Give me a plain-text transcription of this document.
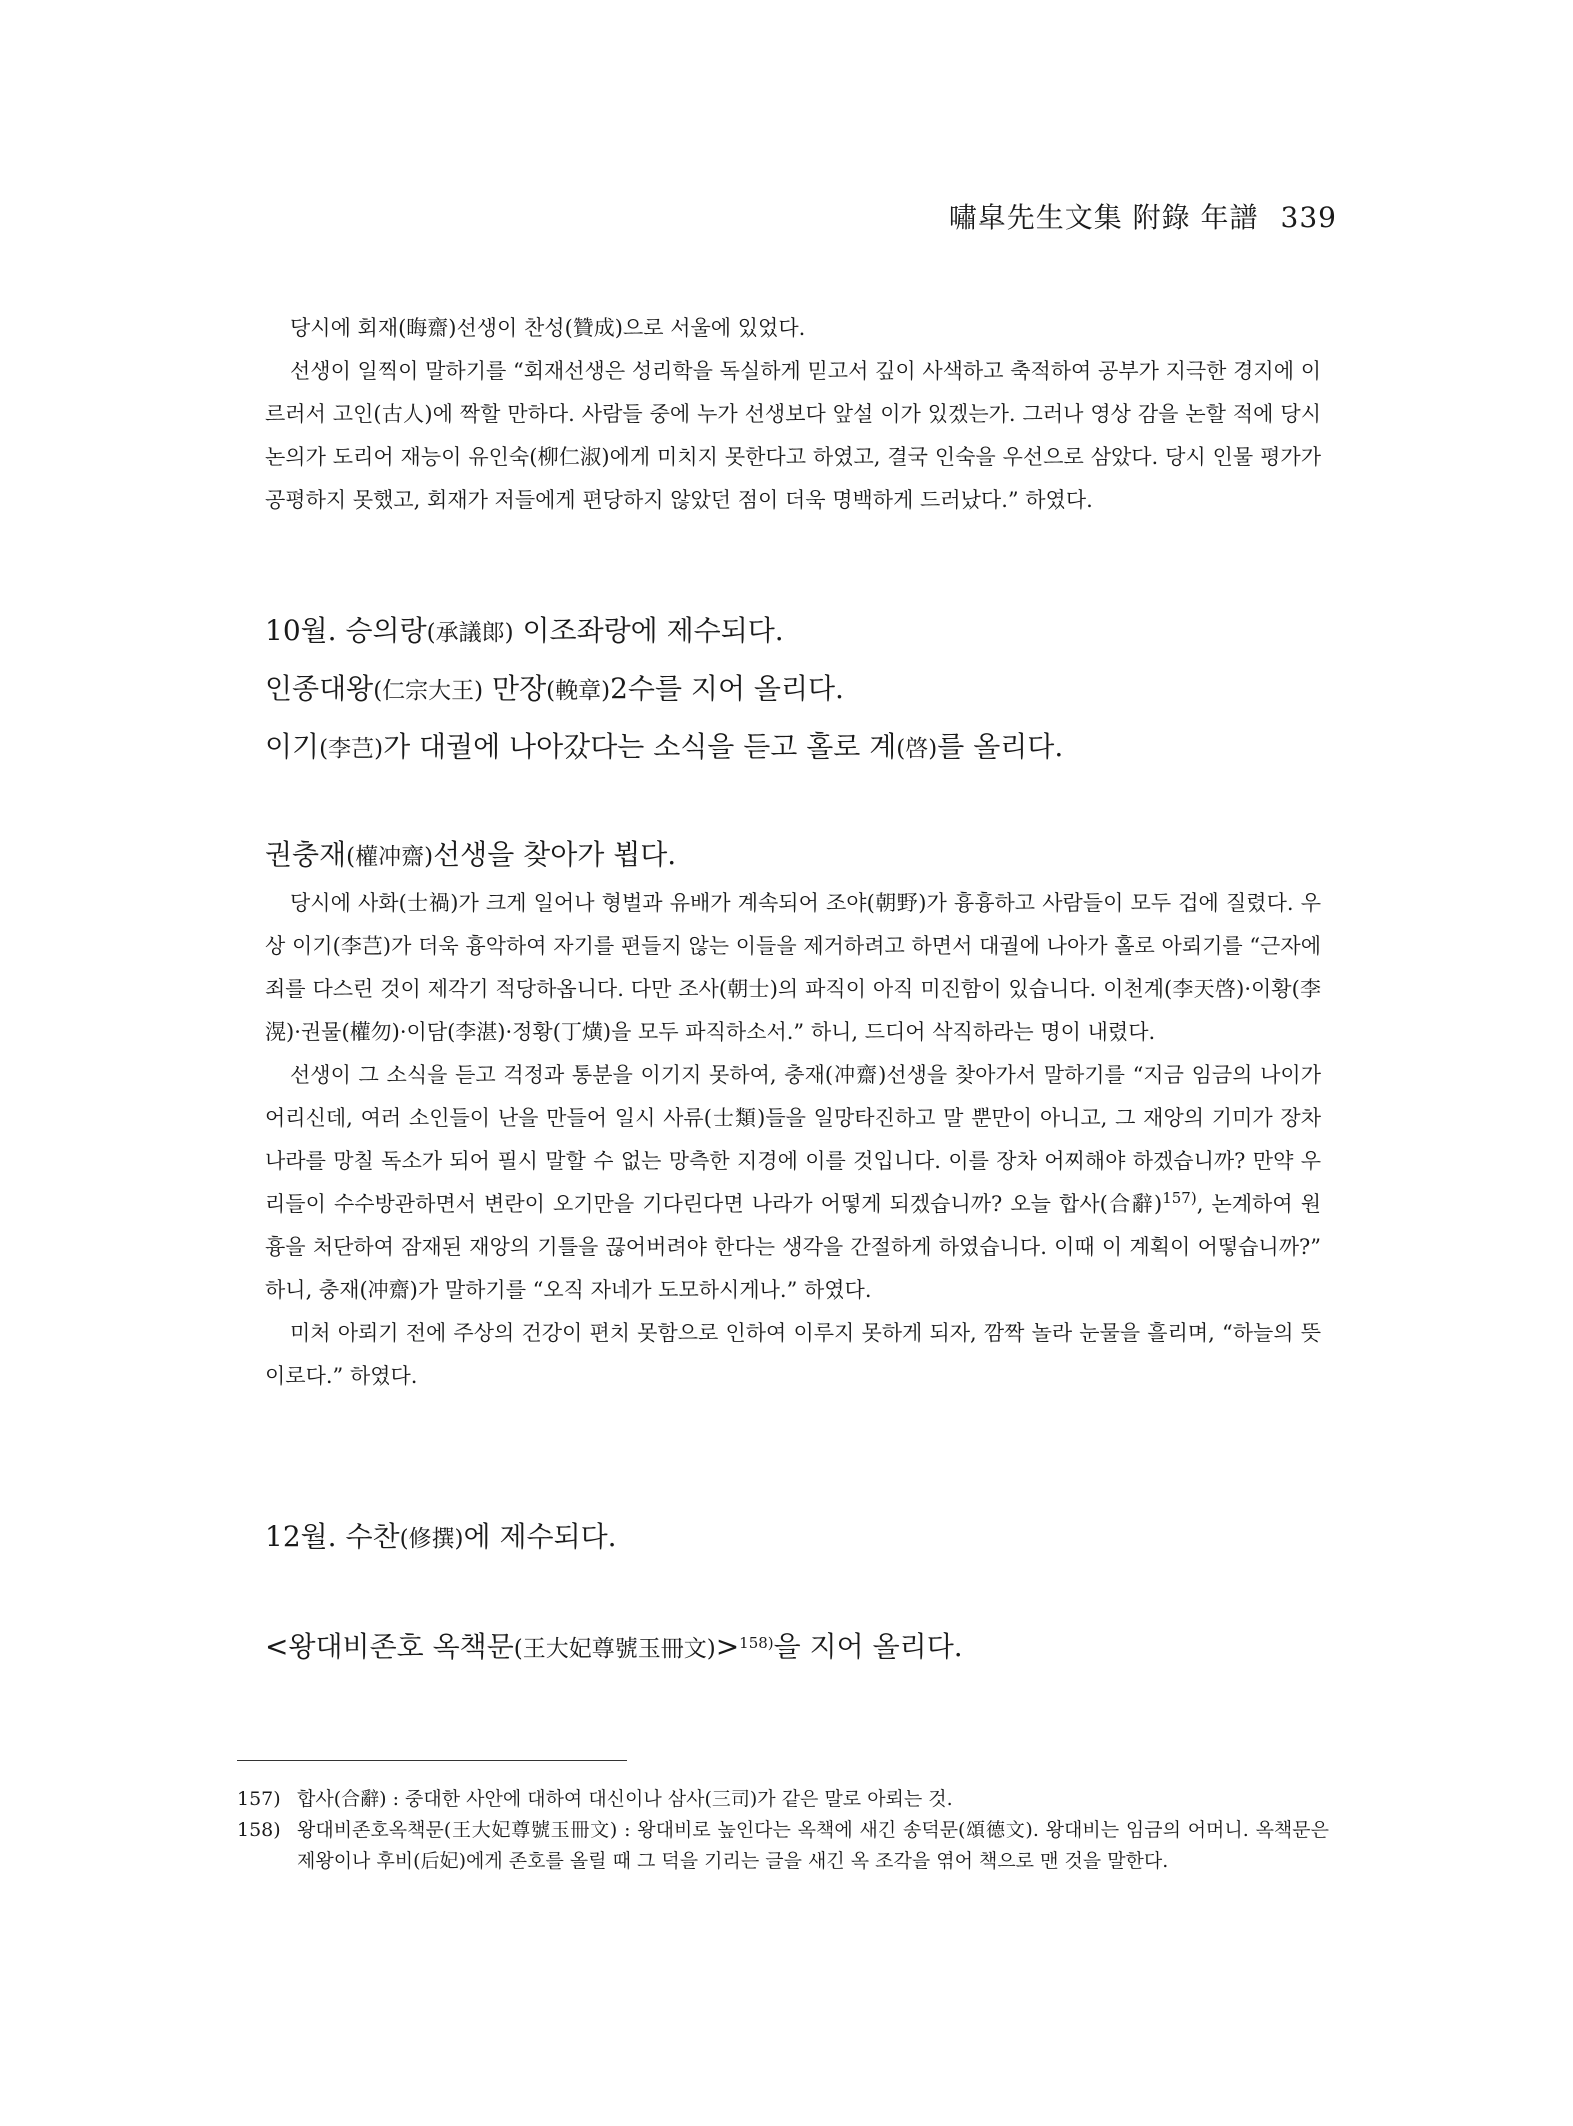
嘯皐先生文集 附錄 年譜 339

당시에 회재(晦齋)선생이 찬성(贊成)으로 서울에 있었다.

선생이 일찍이 말하기를 “회재선생은 성리학을 독실하게 믿고서 깊이 사색하고 축적하여 공부가 지극한 경지에 이르러서 고인(古人)에 짝할 만하다. 사람들 중에 누가 선생보다 앞설 이가 있겠는가. 그러나 영상 감을 논할 적에 당시 논의가 도리어 재능이 유인숙(柳仁淑)에게 미치지 못한다고 하였고, 결국 인숙을 우선으로 삼았다. 당시 인물 평가가 공평하지 못했고, 회재가 저들에게 편당하지 않았던 점이 더욱 명백하게 드러났다.” 하였다.

10월. 승의랑(承議郞) 이조좌랑에 제수되다.

인종대왕(仁宗大王) 만장(輓章)2수를 지어 올리다.

이기(李芑)가 대궐에 나아갔다는 소식을 듣고 홀로 계(啓)를 올리다.

권충재(權冲齋)선생을 찾아가 뵙다.

당시에 사화(士禍)가 크게 일어나 형벌과 유배가 계속되어 조야(朝野)가 흉흉하고 사람들이 모두 겁에 질렸다. 우상 이기(李芑)가 더욱 흉악하여 자기를 편들지 않는 이들을 제거하려고 하면서 대궐에 나아가 홀로 아뢰기를 “근자에 죄를 다스린 것이 제각기 적당하옵니다. 다만 조사(朝士)의 파직이 아직 미진함이 있습니다. 이천계(李天啓)·이황(李滉)·권물(權勿)·이담(李湛)·정황(丁熿)을 모두 파직하소서.” 하니, 드디어 삭직하라는 명이 내렸다.

선생이 그 소식을 듣고 걱정과 통분을 이기지 못하여, 충재(冲齋)선생을 찾아가서 말하기를 “지금 임금의 나이가 어리신데, 여러 소인들이 난을 만들어 일시 사류(士類)들을 일망타진하고 말 뿐만이 아니고, 그 재앙의 기미가 장차 나라를 망칠 독소가 되어 필시 말할 수 없는 망측한 지경에 이를 것입니다. 이를 장차 어찌해야 하겠습니까? 만약 우리들이 수수방관하면서 변란이 오기만을 기다린다면 나라가 어떻게 되겠습니까? 오늘 합사(合辭)$^{157)}$, 논계하여 원흉을 처단하여 잠재된 재앙의 기틀을 끊어버려야 한다는 생각을 간절하게 하였습니다. 이때 이 계획이 어떻습니까?” 하니, 충재(冲齋)가 말하기를 “오직 자네가 도모하시게나.” 하였다.

미처 아뢰기 전에 주상의 건강이 편치 못함으로 인하여 이루지 못하게 되자, 깜짝 놀라 눈물을 흘리며, “하늘의 뜻이로다.” 하였다.

12월. 수찬(修撰)에 제수되다.

<왕대비존호 옥책문(王大妃尊號玉冊文)>$^{158)}$을 지어 올리다.

157) 합사(合辭) : 중대한 사안에 대하여 대신이나 삼사(三司)가 같은 말로 아뢰는 것.
158) 왕대비존호옥책문(王大妃尊號玉冊文) : 왕대비로 높인다는 옥책에 새긴 송덕문(頌德文). 왕대비는 임금의 어머니. 옥책문은 제왕이나 후비(后妃)에게 존호를 올릴 때 그 덕을 기리는 글을 새긴 옥 조각을 엮어 책으로 맨 것을 말한다.
